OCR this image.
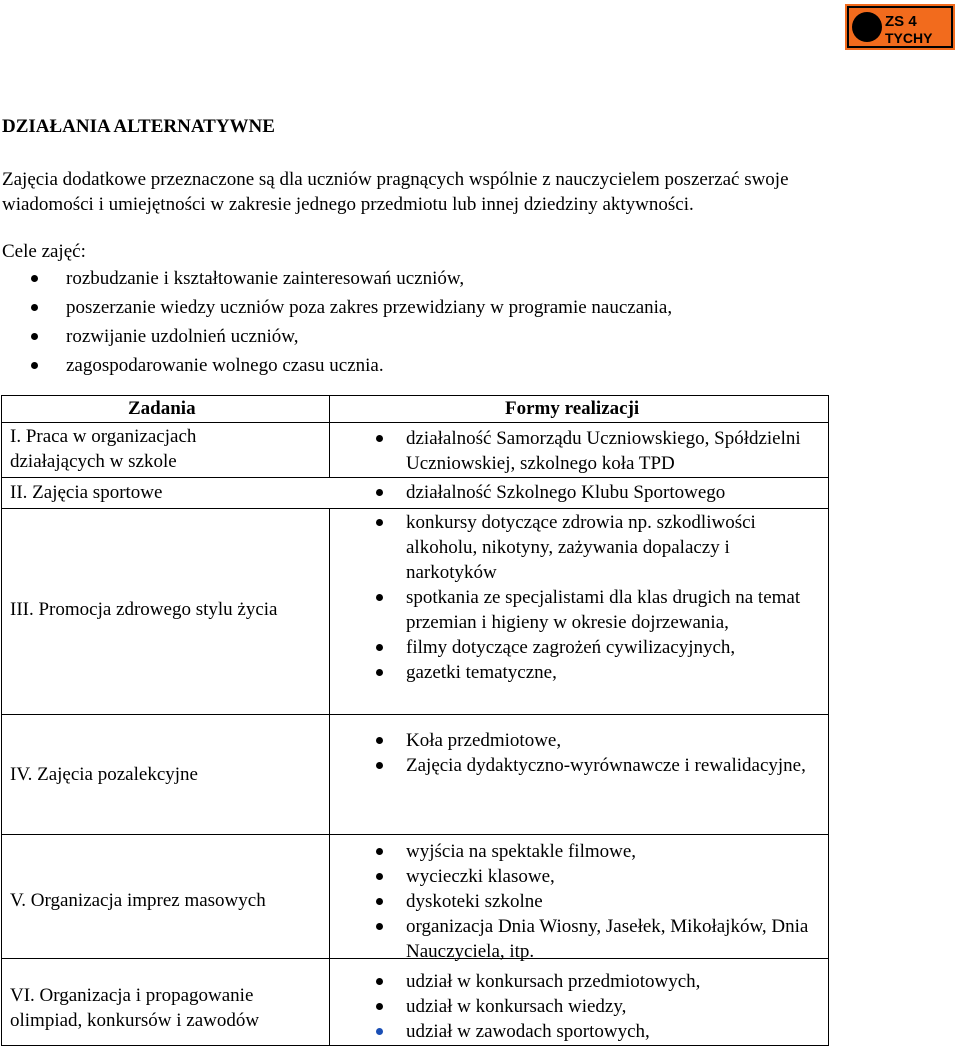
ZS 4
TYCHY
DZIAŁANIA ALTERNATYWNE
Zajęcia dodatkowe przeznaczone są dla uczniów pragnących wspólnie z nauczycielem poszerzać swoje wiadomości i umiejętności w zakresie jednego przedmiotu lub innej dziedziny aktywności.
Cele zajęć:
rozbudzanie i kształtowanie zainteresowań uczniów,
poszerzanie wiedzy uczniów poza zakres przewidziany w programie nauczania,
rozwijanie uzdolnień uczniów,
zagospodarowanie wolnego czasu ucznia.
Zadania	Formy realizacji
I. Praca w organizacjach działających w szkole
działalność Samorządu Uczniowskiego, Spółdzielni Uczniowskiej, szkolnego koła TPD
II. Zajęcia sportowe	działalność Szkolnego Klubu Sportowego
III. Promocja zdrowego stylu życia
konkursy dotyczące zdrowia np. szkodliwości alkoholu, nikotyny, zażywania dopalaczy i narkotyków
spotkania ze specjalistami dla klas drugich na temat przemian i higieny w okresie dojrzewania,
filmy dotyczące zagrożeń cywilizacyjnych,
gazetki tematyczne,
IV. Zajęcia pozalekcyjne
Koła przedmiotowe,
Zajęcia dydaktyczno-wyrównawcze i rewalidacyjne,
V. Organizacja imprez masowych
wyjścia na spektakle filmowe,
wycieczki klasowe,
dyskoteki szkolne
organizacja Dnia Wiosny, Jasełek, Mikołajków, Dnia Nauczyciela, itp.
VI. Organizacja i propagowanie olimpiad, konkursów i zawodów
udział w konkursach przedmiotowych,
udział w konkursach wiedzy,
udział w zawodach sportowych,
